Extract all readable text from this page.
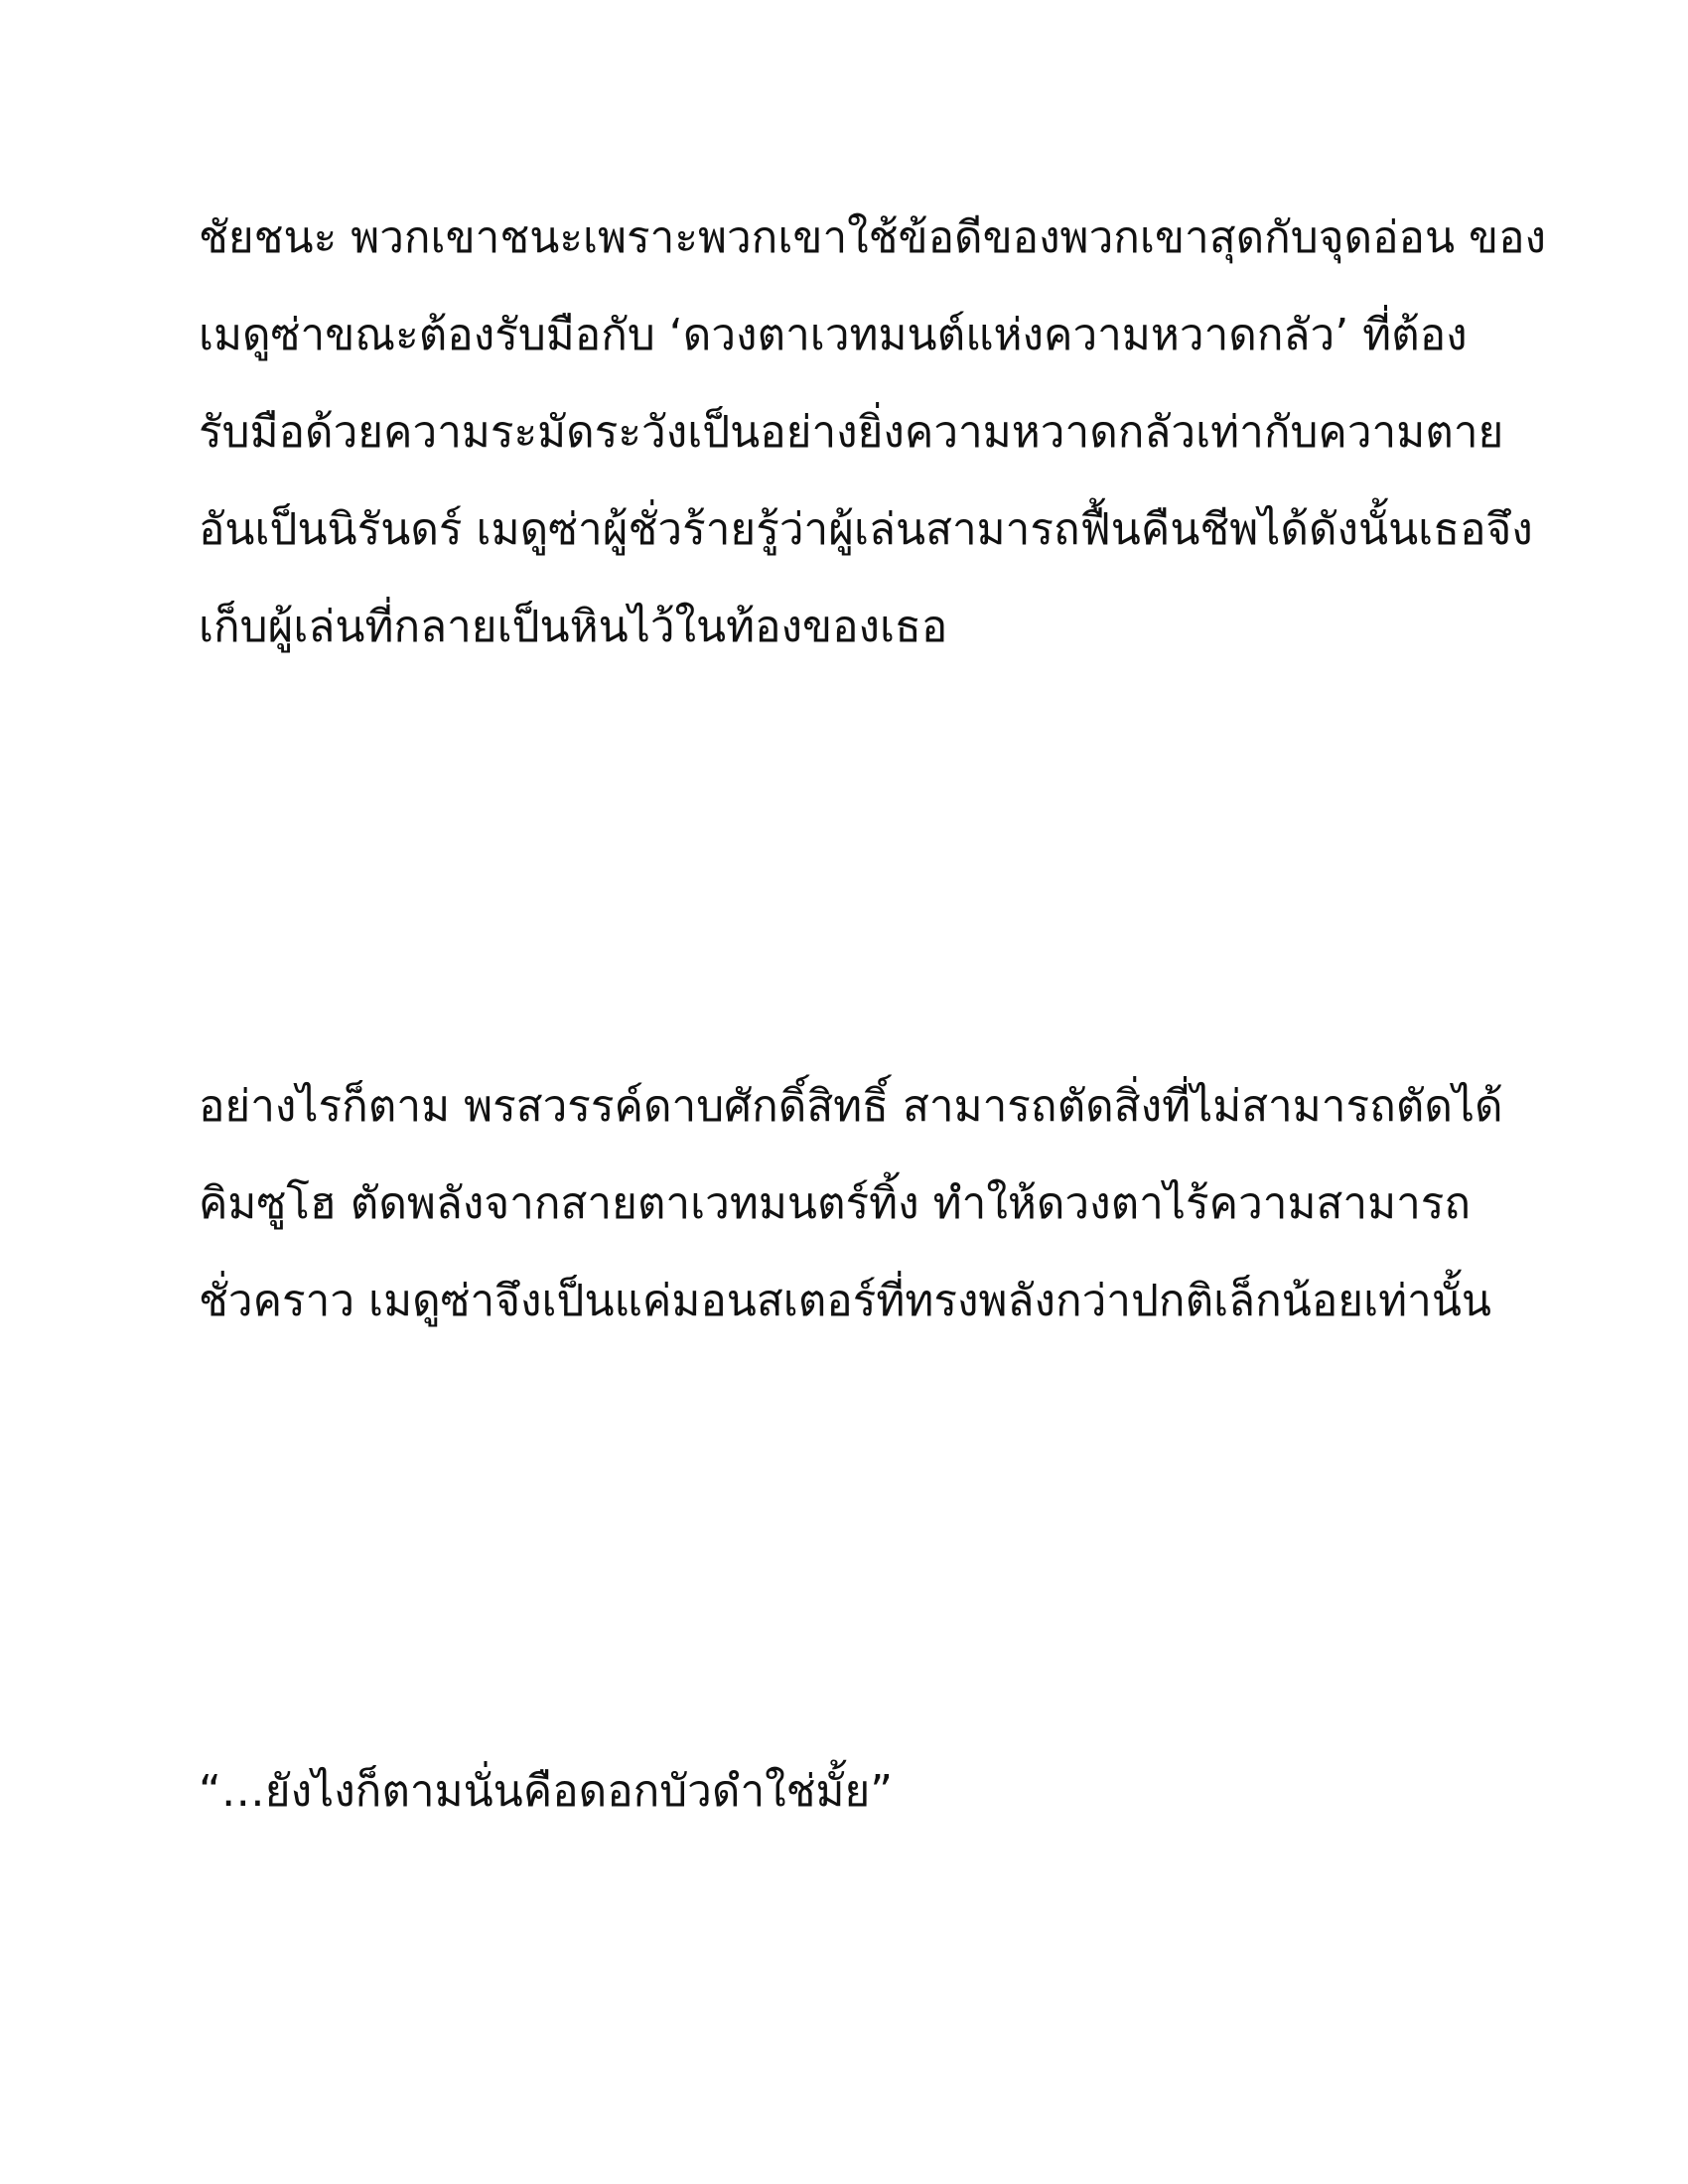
ชัยชนะ พวกเขาชนะเพราะพวกเขาใช้ข้อดีของพวกเขาสุดกับจุดอ่อน ของ

เมดูซ่าขณะต้องรับมือกับ ‘ดวงตาเวทมนต์แห่งความหวาดกลัว’ ที่ต้อง

รับมือด้วยความระมัดระวังเป็นอย่างยิ่งความหวาดกลัวเท่ากับความตาย

อันเป็นนิรันดร์ เมดูซ่าผู้ชั่วร้ายรู้ว่าผู้เล่นสามารถฟื้นคืนชีพได้ดังนั้นเธอจึง

เก็บผู้เล่นที่กลายเป็นหินไว้ในท้องของเธอ

อย่างไรก็ตาม พรสวรรค์ดาบศักดิ์สิทธิ์ สามารถตัดสิ่งที่ไม่สามารถตัดได้

คิมซูโฮ ตัดพลังจากสายตาเวทมนตร์ทิ้ง ทำให้ดวงตาไร้ความสามารถ

ชั่วคราว เมดูซ่าจึงเป็นแค่มอนสเตอร์ที่ทรงพลังกว่าปกติเล็กน้อยเท่านั้น

“…ยังไงก็ตามนั่นคือดอกบัวดำใช่มั้ย”
